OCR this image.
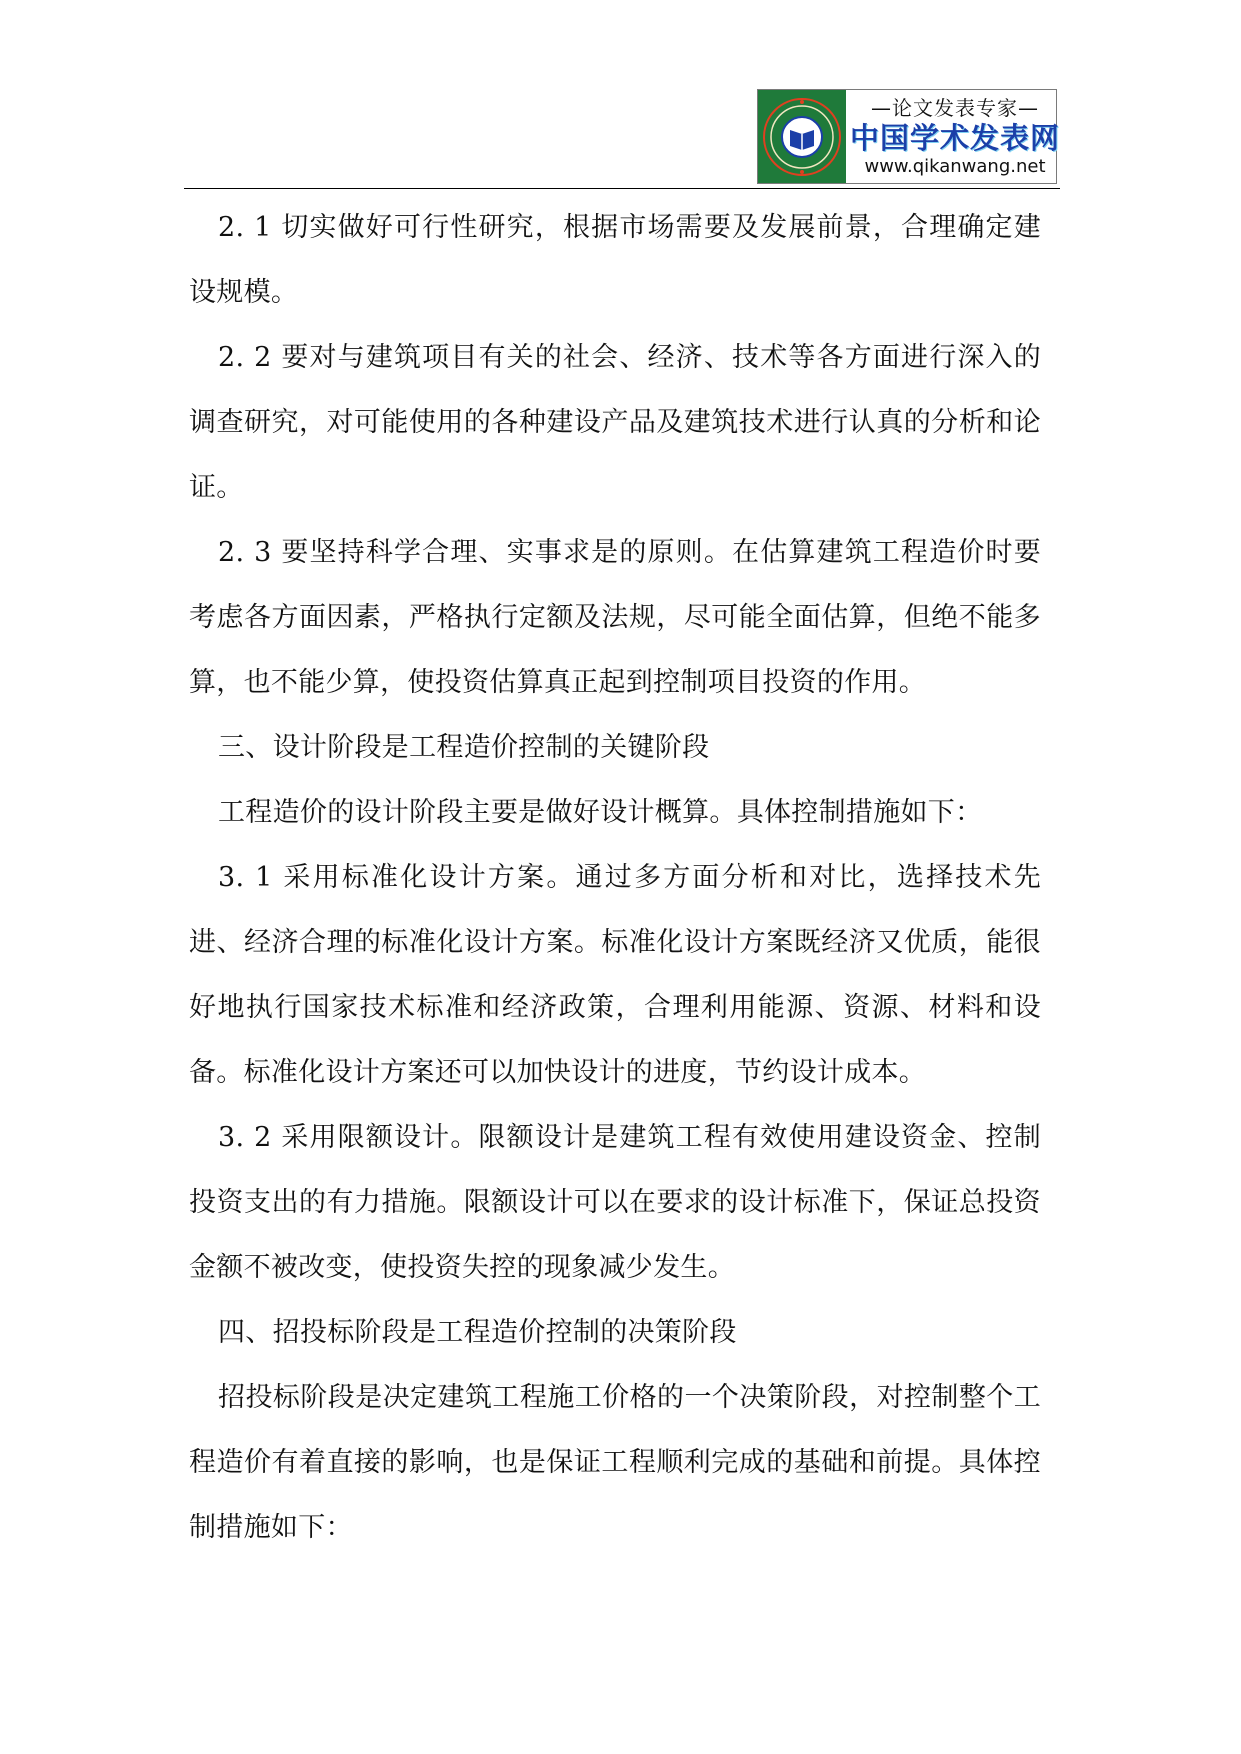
—论文发表专家—
中国学术发表网
www.qikanwang.net

2. 1 切实做好可行性研究，根据市场需要及发展前景，合理确定建设规模。

2. 2 要对与建筑项目有关的社会、经济、技术等各方面进行深入的调查研究，对可能使用的各种建设产品及建筑技术进行认真的分析和论证。

2. 3 要坚持科学合理、实事求是的原则。在估算建筑工程造价时要考虑各方面因素，严格执行定额及法规，尽可能全面估算，但绝不能多算，也不能少算，使投资估算真正起到控制项目投资的作用。

三、设计阶段是工程造价控制的关键阶段

工程造价的设计阶段主要是做好设计概算。具体控制措施如下：

3. 1 采用标准化设计方案。通过多方面分析和对比，选择技术先进、经济合理的标准化设计方案。标准化设计方案既经济又优质，能很好地执行国家技术标准和经济政策，合理利用能源、资源、材料和设备。标准化设计方案还可以加快设计的进度，节约设计成本。

3. 2 采用限额设计。限额设计是建筑工程有效使用建设资金、控制投资支出的有力措施。限额设计可以在要求的设计标准下，保证总投资金额不被改变，使投资失控的现象减少发生。

四、招投标阶段是工程造价控制的决策阶段

招投标阶段是决定建筑工程施工价格的一个决策阶段，对控制整个工程造价有着直接的影响，也是保证工程顺利完成的基础和前提。具体控制措施如下：
